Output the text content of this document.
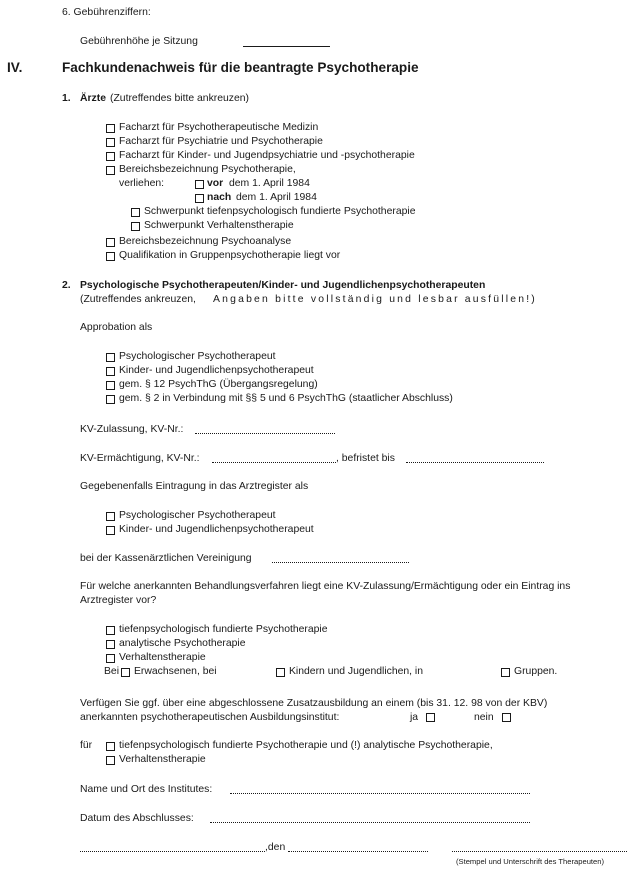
6. Gebührenziffern:
Gebührenhöhe je Sitzung
IV.	Fachkundenachweis für die beantragte Psychotherapie
1. Ärzte (Zutreffendes bitte ankreuzen)
Facharzt für Psychotherapeutische Medizin
Facharzt für Psychiatrie und Psychotherapie
Facharzt für Kinder- und Jugendpsychiatrie und -psychotherapie
Bereichsbezeichnung Psychotherapie,
verliehen:	vor dem 1. April 1984
nach dem 1. April 1984
Schwerpunkt tiefenpsychologisch fundierte Psychotherapie
Schwerpunkt Verhaltenstherapie
Bereichsbezeichnung Psychoanalyse
Qualifikation in Gruppenpsychotherapie liegt vor
2. Psychologische Psychotherapeuten/Kinder- und Jugendlichenpsychotherapeuten
(Zutreffendes ankreuzen, Angaben bitte vollständig und lesbar ausfüllen!)
Approbation als
Psychologischer Psychotherapeut
Kinder- und Jugendlichenpsychotherapeut
gem. § 12 PsychThG (Übergangsregelung)
gem. § 2 in Verbindung mit §§ 5 und 6 PsychThG (staatlicher Abschluss)
KV-Zulassung, KV-Nr.:
KV-Ermächtigung, KV-Nr.:	, befristet bis
Gegebenenfalls Eintragung in das Arztregister als
Psychologischer Psychotherapeut
Kinder- und Jugendlichenpsychotherapeut
bei der Kassenärztlichen Vereinigung
Für welche anerkannten Behandlungsverfahren liegt eine KV-Zulassung/Ermächtigung oder ein Eintrag ins
Arztregister vor?
tiefenpsychologisch fundierte Psychotherapie
analytische Psychotherapie
Verhaltenstherapie
Bei Erwachsenen, bei	Kindern und Jugendlichen, in	Gruppen.
Verfügen Sie ggf. über eine abgeschlossene Zusatzausbildung an einem (bis 31. 12. 98 von der KBV)
anerkannten psychotherapeutischen Ausbildungsinstitut:	ja	nein
für	tiefenpsychologisch fundierte Psychotherapie und (!) analytische Psychotherapie,
Verhaltenstherapie
Name und Ort des Institutes:
Datum des Abschlusses:
,den
(Stempel und Unterschrift des Therapeuten)
